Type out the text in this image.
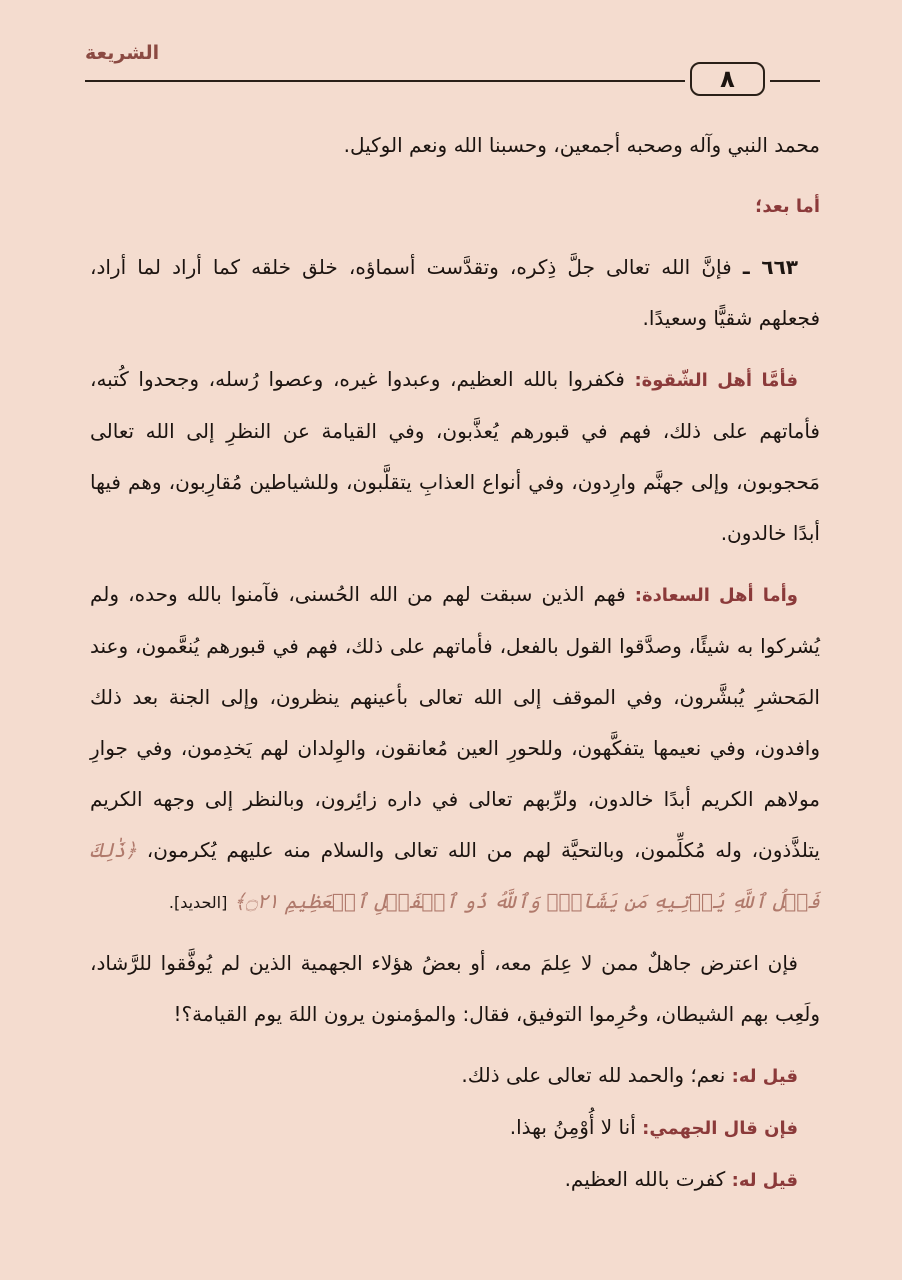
الشريعة
٨

محمد النبي وآله وصحبه أجمعين، وحسبنا الله ونعم الوكيل.

أما بعد؛

٦٦٣ ـ فإنَّ الله تعالى جلَّ ذِكره، وتقدَّست أسماؤه، خلق خلقه كما أراد لما أراد، فجعلهم شقيًّا وسعيدًا.

فأمَّا أهل الشّقوة: فكفروا بالله العظيم، وعبدوا غيره، وعصوا رُسله، وجحدوا كُتبه، فأماتهم على ذلك، فهم في قبورهم يُعذَّبون، وفي القيامة عن النظرِ إلى الله تعالى مَحجوبون، وإلى جهنَّم وارِدون، وفي أنواع العذابِ يتقلَّبون، وللشياطين مُقارِبون، وهم فيها أبدًا خالدون.

وأما أهل السعادة: فهم الذين سبقت لهم من الله الحُسنى، فآمنوا بالله وحده، ولم يُشركوا به شيئًا، وصدَّقوا القول بالفعل، فأماتهم على ذلك، فهم في قبورهم يُنعَّمون، وعند المَحشرِ يُبشَّرون، وفي الموقف إلى الله تعالى بأعينهم ينظرون، وإلى الجنة بعد ذلك وافدون، وفي نعيمها يتفكَّهون، وللحورِ العين مُعانقون، والوِلدان لهم يَخدِمون، وفي جوارِ مولاهم الكريم أبدًا خالدون، ولرِّبهم تعالى في داره زائِرون، وبالنظر إلى وجهه الكريم يتلذَّذون، وله مُكلِّمون، وبالتحيَّة لهم من الله تعالى والسلام منه عليهم يُكرمون، ﴿ذَٰلِكَ فَضۡلُ ٱللَّهِ يُؤۡتِيهِ مَن يَشَآءُۚ وَٱللَّهُ ذُو ٱلۡفَضۡلِ ٱلۡعَظِيمِ ۝٢١﴾ [الحديد].

فإن اعترض جاهلٌ ممن لا عِلمَ معه، أو بعضُ هؤلاء الجهمية الذين لم يُوفَّقوا للرَّشاد، ولَعِب بهم الشيطان، وحُرِموا التوفيق، فقال: والمؤمنون يرون اللهَ يوم القيامة؟!

قيل له: نعم؛ والحمد لله تعالى على ذلك.

فإن قال الجهمي: أنا لا أُوْمِنُ بهذا.

قيل له: كفرت بالله العظيم.
